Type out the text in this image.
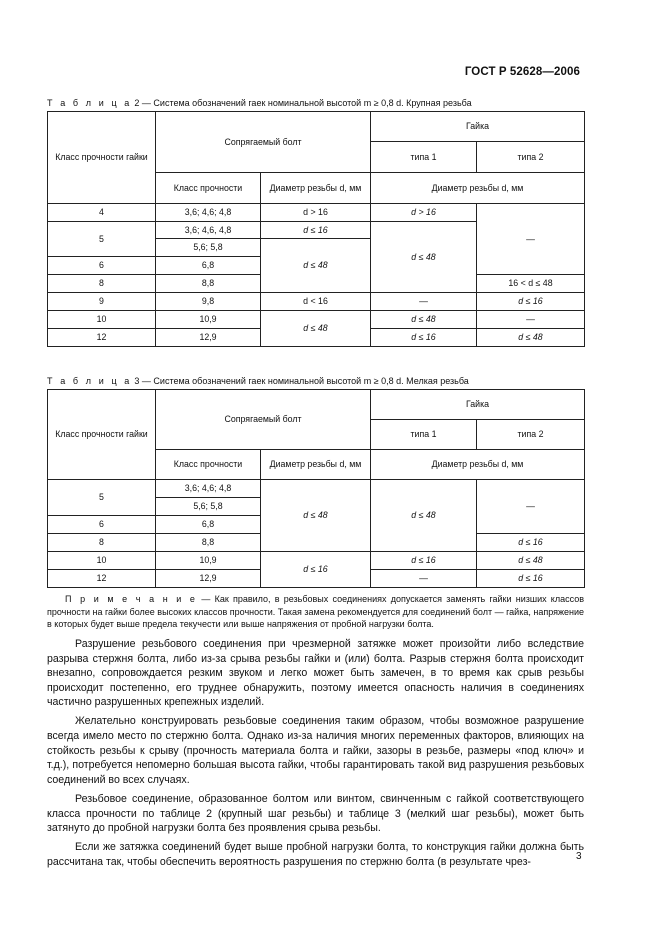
ГОСТ Р 52628—2006
Т а б л и ц а 2 — Система обозначений гаек номинальной высотой m ≥ 0,8 d. Крупная резьба
Класс прочности гайки	Сопрягаемый болт		Гайка	
			типа 1	типа 2
	Класс прочности	Диаметр резьбы d, мм	Диаметр резьбы d, мм	
4	3,6; 4,6; 4,8	d > 16	d > 16	—
5	3,6; 4,6, 4,8	d ≤ 16	d ≤ 48	
	5,6; 5,8	d ≤ 48		
6	6,8			
8	8,8			16 < d ≤ 48
9	9,8	d < 16	—	d ≤ 16
10	10,9	d ≤ 48	d ≤ 48	—
12	12,9		d ≤ 16	d ≤ 48
Т а б л и ц а 3 — Система обозначений гаек номинальной высотой m ≥ 0,8 d. Мелкая резьба
Класс прочности гайки	Сопрягаемый болт		Гайка	
			типа 1	типа 2
	Класс прочности	Диаметр резьбы d, мм	Диаметр резьбы d, мм	
5	3,6; 4,6; 4,8	d ≤ 48	d ≤ 48	—
	5,6; 5,8			
6	6,8			
8	8,8			d ≤ 16
10	10,9	d ≤ 16	d ≤ 16	d ≤ 48
12	12,9		—	d ≤ 16
П р и м е ч а н и е — Как правило, в резьбовых соединениях допускается заменять гайки низших классов прочности на гайки более высоких классов прочности. Такая замена рекомендуется для соединений болт — гайка, напряжение в которых будет выше предела текучести или выше напряжения от пробной нагрузки болта.

Разрушение резьбового соединения при чрезмерной затяжке может произойти либо вследствие разрыва стержня болта, либо из-за срыва резьбы гайки и (или) болта. Разрыв стержня болта происходит внезапно, сопровождается резким звуком и легко может быть замечен, в то время как срыв резьбы происходит постепенно, его труднее обнаружить, поэтому имеется опасность наличия в соединениях частично разрушенных крепежных изделий.

Желательно конструировать резьбовые соединения таким образом, чтобы возможное разрушение всегда имело место по стержню болта. Однако из-за наличия многих переменных факторов, влияющих на стойкость резьбы к срыву (прочность материала болта и гайки, зазоры в резьбе, размеры «под ключ» и т.д.), потребуется непомерно большая высота гайки, чтобы гарантировать такой вид разрушения резьбовых соединений во всех случаях.

Резьбовое соединение, образованное болтом или винтом, свинченным с гайкой соответствующего класса прочности по таблице 2 (крупный шаг резьбы) и таблице 3 (мелкий шаг резьбы), может быть затянуто до пробной нагрузки болта без проявления срыва резьбы.

Если же затяжка соединений будет выше пробной нагрузки болта, то конструкция гайки должна быть рассчитана так, чтобы обеспечить вероятность разрушения по стержню болта (в результате чрез-	3
